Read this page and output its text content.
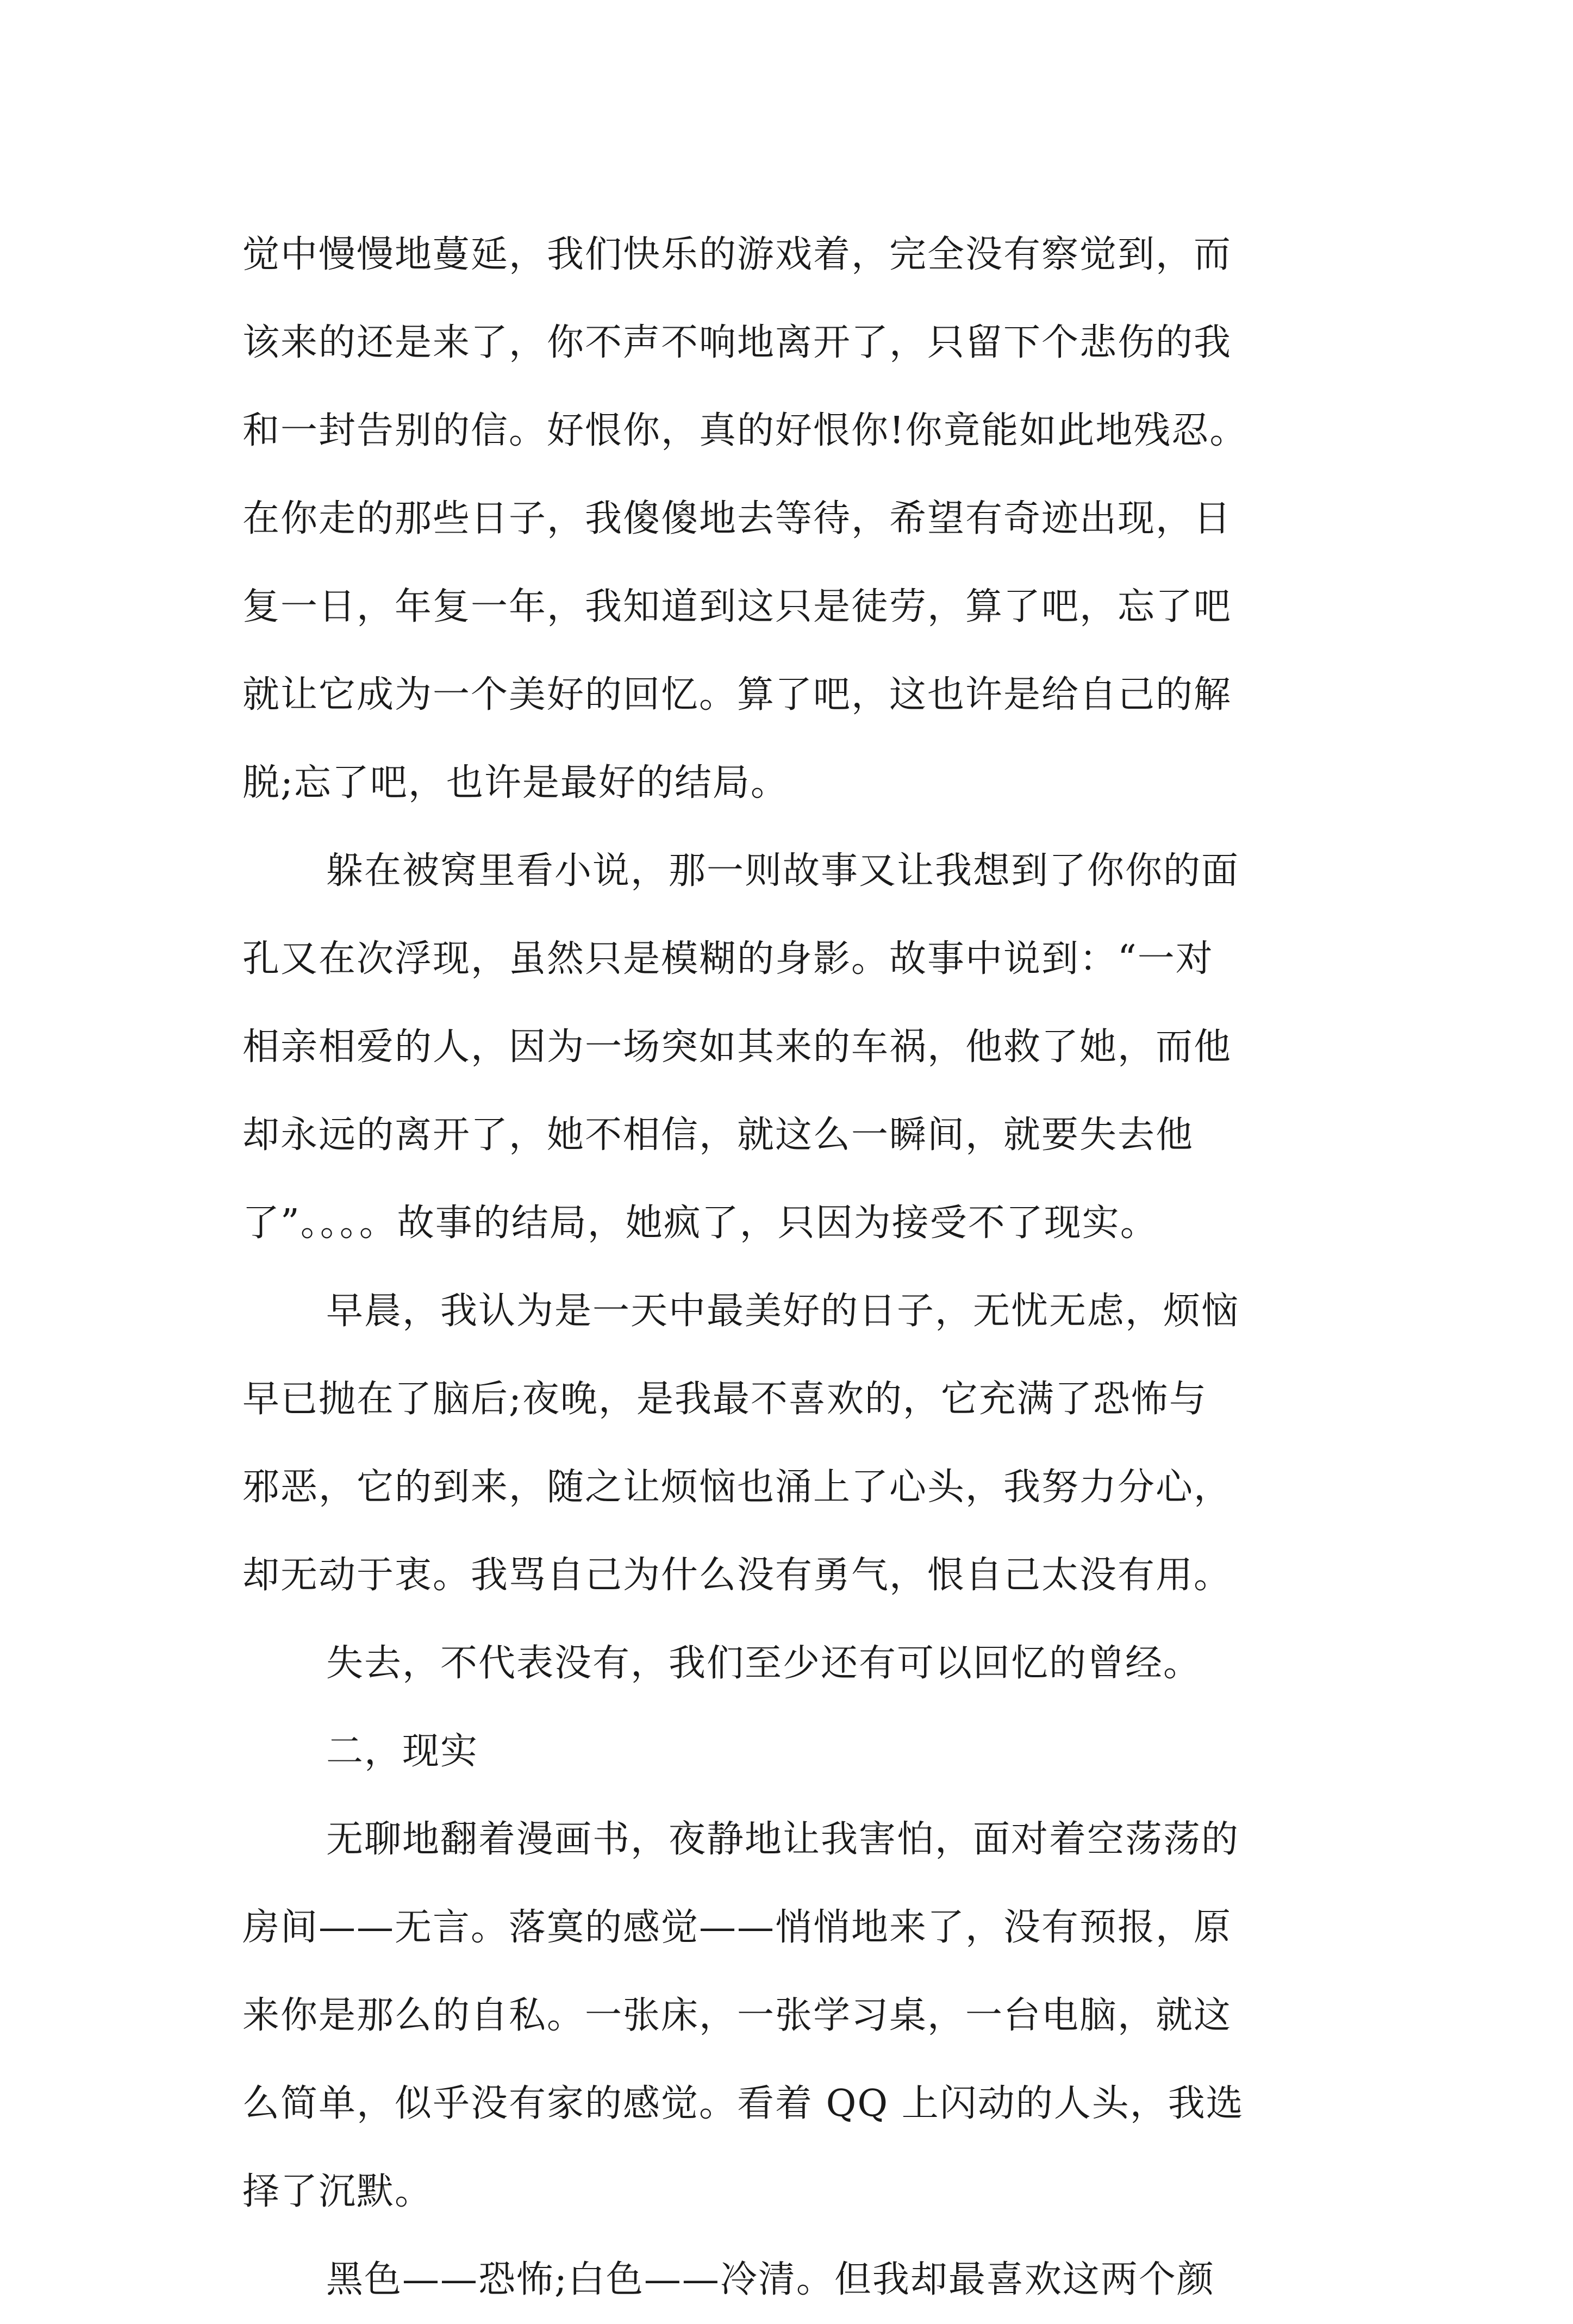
觉中慢慢地蔓延，我们快乐的游戏着，完全没有察觉到，而
该来的还是来了，你不声不响地离开了，只留下个悲伤的我
和一封告别的信。好恨你，真的好恨你!你竟能如此地残忍。
在你走的那些日子，我傻傻地去等待，希望有奇迹出现，日
复一日，年复一年，我知道到这只是徒劳，算了吧，忘了吧
就让它成为一个美好的回忆。算了吧，这也许是给自己的解
脱;忘了吧，也许是最好的结局。
躲在被窝里看小说，那一则故事又让我想到了你你的面
孔又在次浮现，虽然只是模糊的身影。故事中说到：“一对
相亲相爱的人，因为一场突如其来的车祸，他救了她，而他
却永远的离开了，她不相信，就这么一瞬间，就要失去他
了”。。。。故事的结局，她疯了，只因为接受不了现实。
早晨，我认为是一天中最美好的日子，无忧无虑，烦恼
早已抛在了脑后;夜晚，是我最不喜欢的，它充满了恐怖与
邪恶，它的到来，随之让烦恼也涌上了心头，我努力分心，
却无动于衷。我骂自己为什么没有勇气，恨自己太没有用。
失去，不代表没有，我们至少还有可以回忆的曾经。
二，现实
无聊地翻着漫画书，夜静地让我害怕，面对着空荡荡的
房间——无言。落寞的感觉——悄悄地来了，没有预报，原
来你是那么的自私。一张床，一张学习桌，一台电脑，就这
么简单，似乎没有家的感觉。看着 QQ 上闪动的人头，我选
择了沉默。
黑色——恐怖;白色——冷清。但我却最喜欢这两个颜
